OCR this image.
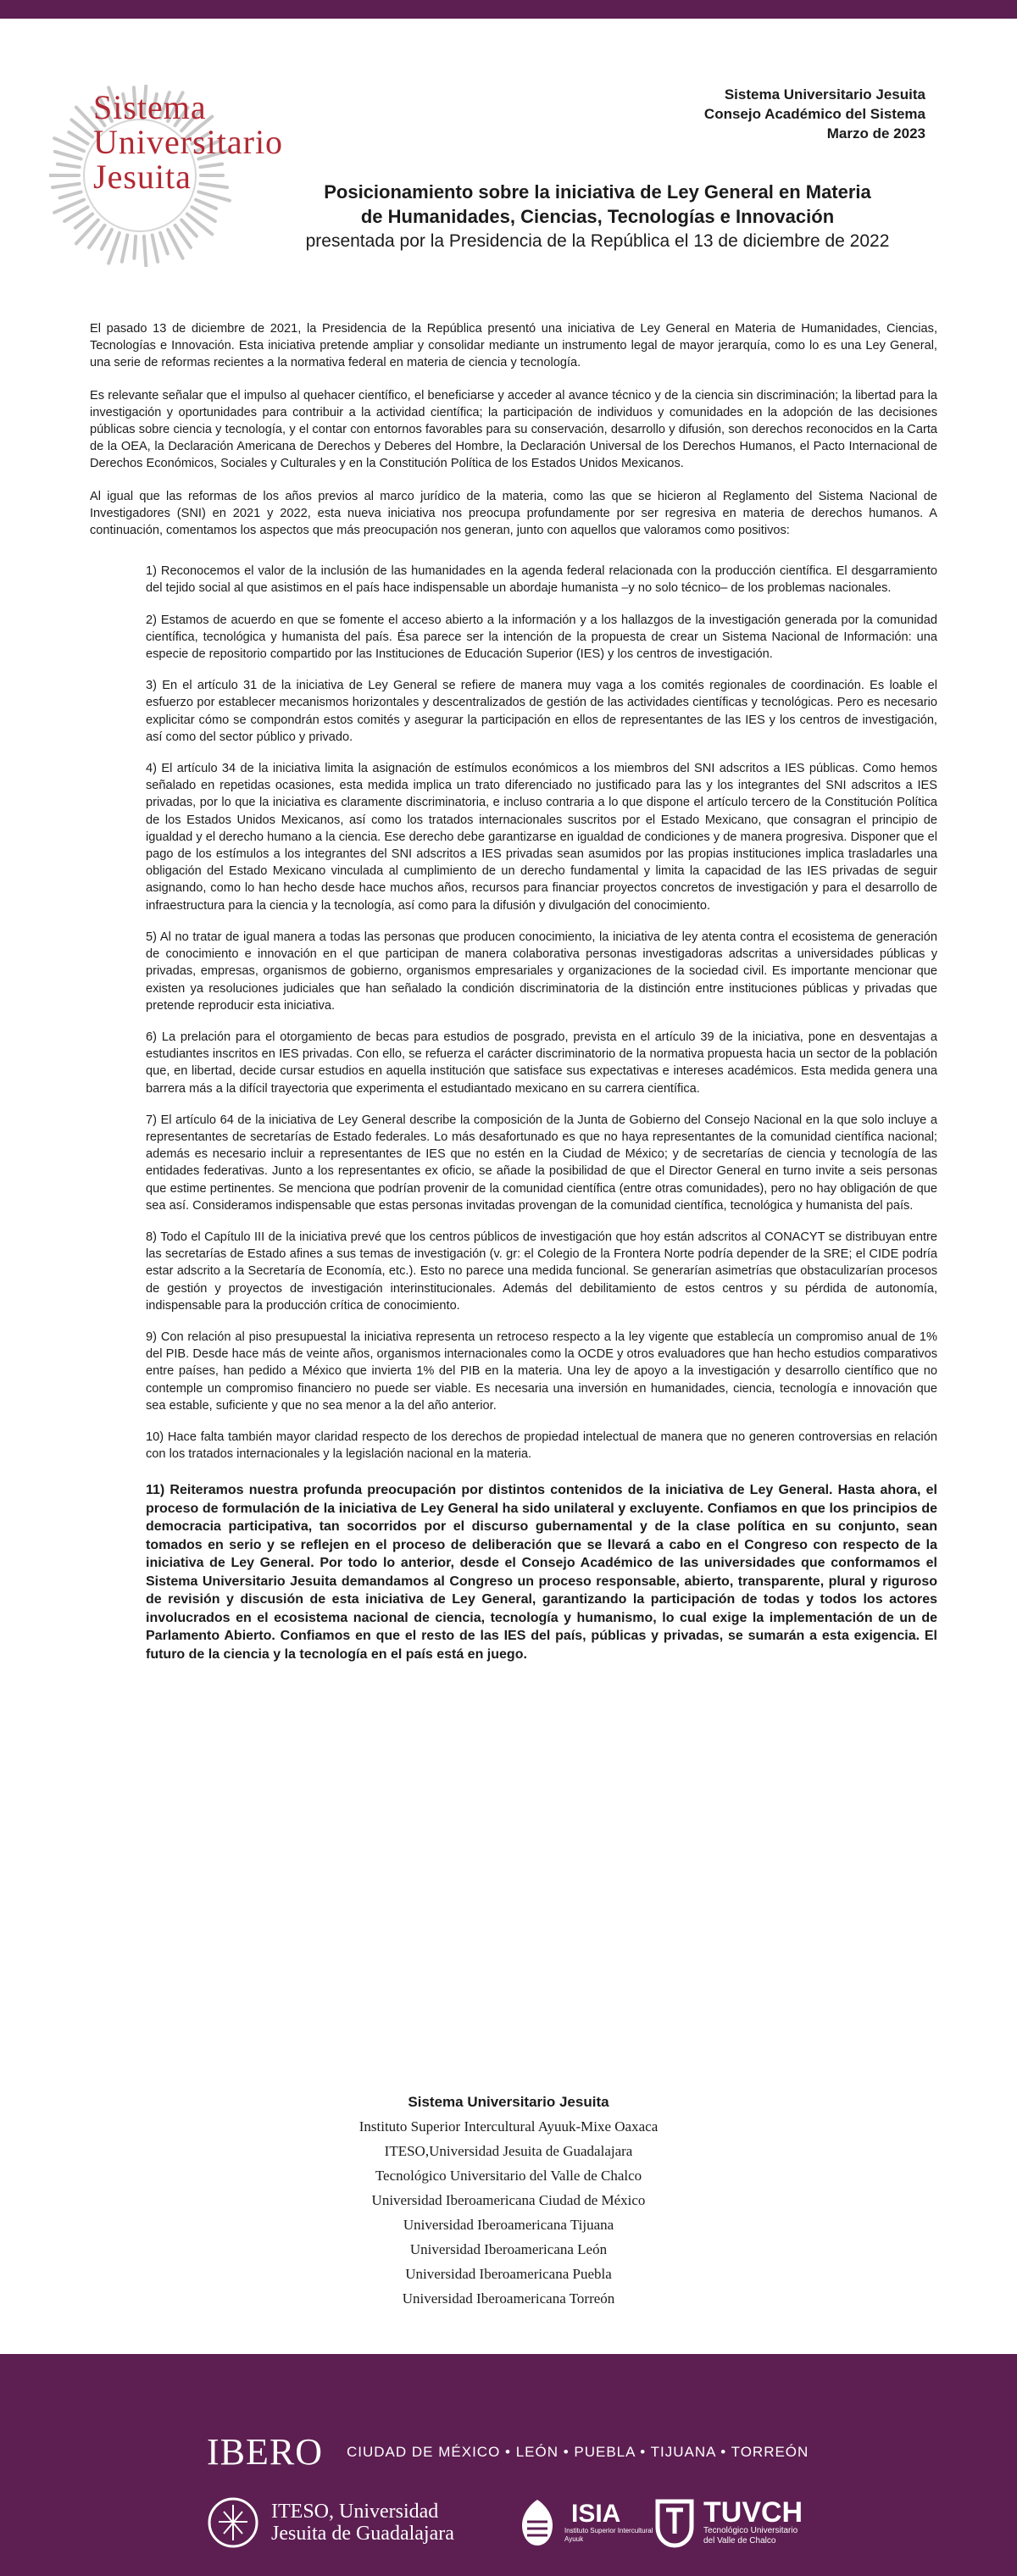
Sistema
Universitario
Jesuita
Sistema Universitario Jesuita
Consejo Académico del Sistema
Marzo de 2023
Posicionamiento sobre la iniciativa de Ley General en Materia
de Humanidades, Ciencias, Tecnologías e Innovación
presentada por la Presidencia de la República el 13 de diciembre de 2022

El pasado 13 de diciembre de 2021, la Presidencia de la República presentó una iniciativa de Ley General en Materia de Humanidades, Ciencias, Tecnologías e Innovación. Esta iniciativa pretende ampliar y consolidar mediante un instrumento legal de mayor jerarquía, como lo es una Ley General, una serie de reformas recientes a la normativa federal en materia de ciencia y tecnología.

Es relevante señalar que el impulso al quehacer científico, el beneficiarse y acceder al avance técnico y de la ciencia sin discriminación; la libertad para la investigación y oportunidades para contribuir a la actividad científica; la participación de individuos y comunidades en la adopción de las decisiones públicas sobre ciencia y tecnología, y el contar con entornos favorables para su conservación, desarrollo y difusión, son derechos reconocidos en la Carta de la OEA, la Declaración Americana de Derechos y Deberes del Hombre, la Declaración Universal de los Derechos Humanos, el Pacto Internacional de Derechos Económicos, Sociales y Culturales y en la Constitución Política de los Estados Unidos Mexicanos.

Al igual que las reformas de los años previos al marco jurídico de la materia, como las que se hicieron al Reglamento del Sistema Nacional de Investigadores (SNI) en 2021 y 2022, esta nueva iniciativa nos preocupa profundamente por ser regresiva en materia de derechos humanos. A continuación, comentamos los aspectos que más preocupación nos generan, junto con aquellos que valoramos como positivos:

1) Reconocemos el valor de la inclusión de las humanidades en la agenda federal relacionada con la producción científica. El desgarramiento del tejido social al que asistimos en el país hace indispensable un abordaje humanista –y no solo técnico– de los problemas nacionales.

2) Estamos de acuerdo en que se fomente el acceso abierto a la información y a los hallazgos de la investigación generada por la comunidad científica, tecnológica y humanista del país. Ésa parece ser la intención de la propuesta de crear un Sistema Nacional de Información: una especie de repositorio compartido por las Instituciones de Educación Superior (IES) y los centros de investigación.

3) En el artículo 31 de la iniciativa de Ley General se refiere de manera muy vaga a los comités regionales de coordinación. Es loable el esfuerzo por establecer mecanismos horizontales y descentralizados de gestión de las actividades científicas y tecnológicas. Pero es necesario explicitar cómo se compondrán estos comités y asegurar la participación en ellos de representantes de las IES y los centros de investigación, así como del sector público y privado.

4) El artículo 34 de la iniciativa limita la asignación de estímulos económicos a los miembros del SNI adscritos a IES públicas. Como hemos señalado en repetidas ocasiones, esta medida implica un trato diferenciado no justificado para las y los integrantes del SNI adscritos a IES privadas, por lo que la iniciativa es claramente discriminatoria, e incluso contraria a lo que dispone el artículo tercero de la Constitución Política de los Estados Unidos Mexicanos, así como los tratados internacionales suscritos por el Estado Mexicano, que consagran el principio de igualdad y el derecho humano a la ciencia. Ese derecho debe garantizarse en igualdad de condiciones y de manera progresiva. Disponer que el pago de los estímulos a los integrantes del SNI adscritos a IES privadas sean asumidos por las propias instituciones implica trasladarles una obligación del Estado Mexicano vinculada al cumplimiento de un derecho fundamental y limita la capacidad de las IES privadas de seguir asignando, como lo han hecho desde hace muchos años, recursos para financiar proyectos concretos de investigación y para el desarrollo de infraestructura para la ciencia y la tecnología, así como para la difusión y divulgación del conocimiento.

5) Al no tratar de igual manera a todas las personas que producen conocimiento, la iniciativa de ley atenta contra el ecosistema de generación de conocimiento e innovación en el que participan de manera colaborativa personas investigadoras adscritas a universidades públicas y privadas, empresas, organismos de gobierno, organismos empresariales y organizaciones de la sociedad civil. Es importante mencionar que existen ya resoluciones judiciales que han señalado la condición discriminatoria de la distinción entre instituciones públicas y privadas que pretende reproducir esta iniciativa.

6) La prelación para el otorgamiento de becas para estudios de posgrado, prevista en el artículo 39 de la iniciativa, pone en desventajas a estudiantes inscritos en IES privadas. Con ello, se refuerza el carácter discriminatorio de la normativa propuesta hacia un sector de la población que, en libertad, decide cursar estudios en aquella institución que satisface sus expectativas e intereses académicos. Esta medida genera una barrera más a la difícil trayectoria que experimenta el estudiantado mexicano en su carrera científica.

7) El artículo 64 de la iniciativa de Ley General describe la composición de la Junta de Gobierno del Consejo Nacional en la que solo incluye a representantes de secretarías de Estado federales. Lo más desafortunado es que no haya representantes de la comunidad científica nacional; además es necesario incluir a representantes de IES que no estén en la Ciudad de México; y de secretarías de ciencia y tecnología de las entidades federativas. Junto a los representantes ex oficio, se añade la posibilidad de que el Director General en turno invite a seis personas que estime pertinentes. Se menciona que podrían provenir de la comunidad científica (entre otras comunidades), pero no hay obligación de que sea así. Consideramos indispensable que estas personas invitadas provengan de la comunidad científica, tecnológica y humanista del país.

8) Todo el Capítulo III de la iniciativa prevé que los centros públicos de investigación que hoy están adscritos al CONACYT se distribuyan entre las secretarías de Estado afines a sus temas de investigación (v. gr: el Colegio de la Frontera Norte podría depender de la SRE; el CIDE podría estar adscrito a la Secretaría de Economía, etc.). Esto no parece una medida funcional. Se generarían asimetrías que obstaculizarían procesos de gestión y proyectos de investigación interinstitucionales. Además del debilitamiento de estos centros y su pérdida de autonomía, indispensable para la producción crítica de conocimiento.

9) Con relación al piso presupuestal la iniciativa representa un retroceso respecto a la ley vigente que establecía un compromiso anual de 1% del PIB. Desde hace más de veinte años, organismos internacionales como la OCDE y otros evaluadores que han hecho estudios comparativos entre países, han pedido a México que invierta 1% del PIB en la materia. Una ley de apoyo a la investigación y desarrollo científico que no contemple un compromiso financiero no puede ser viable. Es necesaria una inversión en humanidades, ciencia, tecnología e innovación que sea estable, suficiente y que no sea menor a la del año anterior.

10) Hace falta también mayor claridad respecto de los derechos de propiedad intelectual de manera que no generen controversias en relación con los tratados internacionales y la legislación nacional en la materia.

11) Reiteramos nuestra profunda preocupación por distintos contenidos de la iniciativa de Ley General. Hasta ahora, el proceso de formulación de la iniciativa de Ley General ha sido unilateral y excluyente. Confiamos en que los principios de democracia participativa, tan socorridos por el discurso gubernamental y de la clase política en su conjunto, sean tomados en serio y se reflejen en el proceso de deliberación que se llevará a cabo en el Congreso con respecto de la iniciativa de Ley General. Por todo lo anterior, desde el Consejo Académico de las universidades que conformamos el Sistema Universitario Jesuita demandamos al Congreso un proceso responsable, abierto, transparente, plural y riguroso de revisión y discusión de esta iniciativa de Ley General, garantizando la participación de todas y todos los actores involucrados en el ecosistema nacional de ciencia, tecnología y humanismo, lo cual exige la implementación de un de Parlamento Abierto. Confiamos en que el resto de las IES del país, públicas y privadas, se sumarán a esta exigencia. El futuro de la ciencia y la tecnología en el país está en juego.
Sistema Universitario Jesuita
Instituto Superior Intercultural Ayuuk-Mixe Oaxaca
ITESO,Universidad Jesuita de Guadalajara
Tecnológico Universitario del Valle de Chalco
Universidad Iberoamericana Ciudad de México
Universidad Iberoamericana Tijuana
Universidad Iberoamericana León
Universidad Iberoamericana Puebla
Universidad Iberoamericana Torreón
IBERO CIUDAD DE MÉXICO • LEÓN • PUEBLA • TIJUANA • TORREÓN
ITESO, Universidad
Jesuita de Guadalajara
ISIA
Instituto Superior Intercultural Ayuuk
TUVCH
Tecnológico Universitario
del Valle de Chalco
